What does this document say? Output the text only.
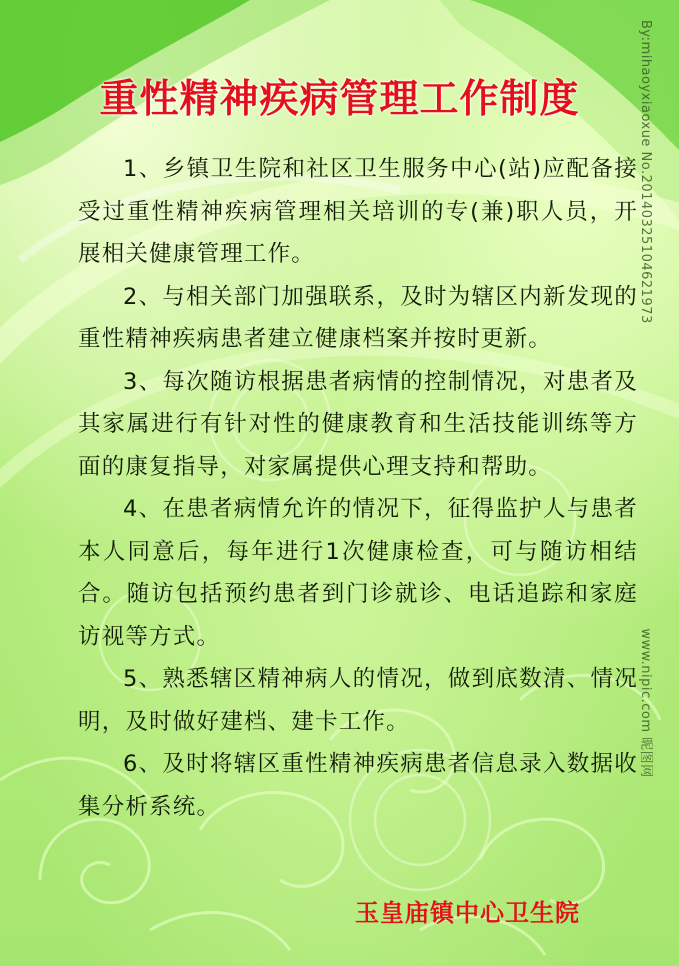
重性精神疾病管理工作制度
1、乡镇卫生院和社区卫生服务中心(站)应配备接受过重性精神疾病管理相关培训的专(兼)职人员，开展相关健康管理工作。
2、与相关部门加强联系，及时为辖区内新发现的重性精神疾病患者建立健康档案并按时更新。
3、每次随访根据患者病情的控制情况，对患者及其家属进行有针对性的健康教育和生活技能训练等方面的康复指导，对家属提供心理支持和帮助。
4、在患者病情允许的情况下，征得监护人与患者本人同意后，每年进行1次健康检查，可与随访相结合。随访包括预约患者到门诊就诊、电话追踪和家庭访视等方式。
5、熟悉辖区精神病人的情况，做到底数清、情况明，及时做好建档、建卡工作。
6、及时将辖区重性精神疾病患者信息录入数据收集分析系统。
玉皇庙镇中心卫生院
By:mihaoyxiaoxue No.20140325104621973 www.nipic.com 昵图网
